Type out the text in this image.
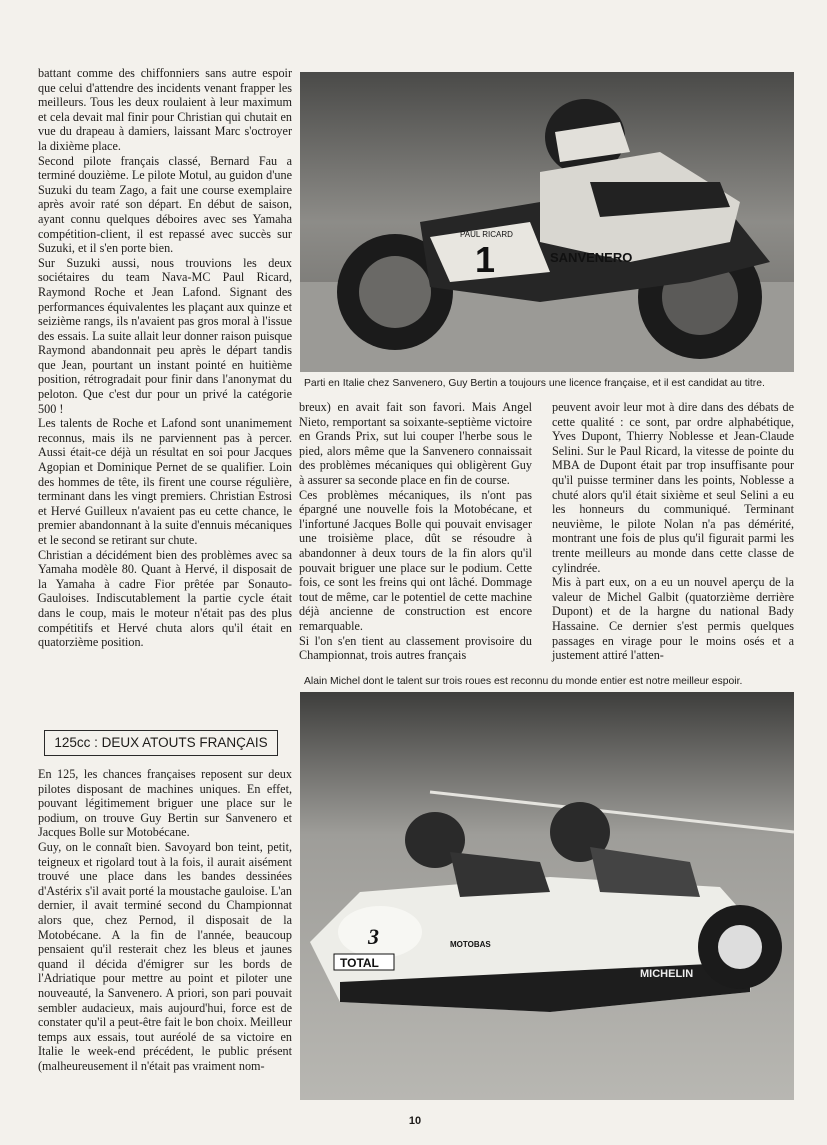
battant comme des chiffonniers sans autre espoir que celui d'attendre des incidents venant frapper les meilleurs. Tous les deux roulaient à leur maximum et cela devait mal finir pour Christian qui chutait en vue du drapeau à damiers, laissant Marc s'octroyer la dixième place.

Second pilote français classé, Bernard Fau a terminé douzième. Le pilote Motul, au guidon d'une Suzuki du team Zago, a fait une course exemplaire après avoir raté son départ. En début de saison, ayant connu quelques déboires avec ses Yamaha compétition-client, il est repassé avec succès sur Suzuki, et il s'en porte bien.

Sur Suzuki aussi, nous trouvions les deux sociétaires du team Nava-MC Paul Ricard, Raymond Roche et Jean Lafond. Signant des performances équivalentes les plaçant aux quinze et seizième rangs, ils n'avaient pas gros moral à l'issue des essais. La suite allait leur donner raison puisque Raymond abandonnait peu après le départ tandis que Jean, pourtant un instant pointé en huitième position, rétrogradait pour finir dans l'anonymat du peloton. Que c'est dur pour un privé la catégorie 500 !

Les talents de Roche et Lafond sont unanimement reconnus, mais ils ne parviennent pas à percer. Aussi était-ce déjà un résultat en soi pour Jacques Agopian et Dominique Pernet de se qualifier. Loin des hommes de tête, ils firent une course régulière, terminant dans les vingt premiers. Christian Estrosi et Hervé Guilleux n'avaient pas eu cette chance, le premier abandonnant à la suite d'ennuis mécaniques et le second se retirant sur chute.

Christian a décidément bien des problèmes avec sa Yamaha modèle 80. Quant à Hervé, il disposait de la Yamaha à cadre Fior prêtée par Sonauto-Gauloises. Indiscutablement la partie cycle était dans le coup, mais le moteur n'était pas des plus compétitifs et Hervé chuta alors qu'il était en quatorzième position.

1	SANVENERO
PAUL RICARD
Parti en Italie chez Sanvenero, Guy Bertin a toujours une licence française, et il est candidat au titre.

breux) en avait fait son favori. Mais Angel Nieto, remportant sa soixante-septième victoire en Grands Prix, sut lui couper l'herbe sous le pied, alors même que la Sanvenero connaissait des problèmes mécaniques qui obligèrent Guy à assurer sa seconde place en fin de course.

Ces problèmes mécaniques, ils n'ont pas épargné une nouvelle fois la Motobécane, et l'infortuné Jacques Bolle qui pouvait envisager une troisième place, dût se résoudre à abandonner à deux tours de la fin alors qu'il pouvait briguer une place sur le podium. Cette fois, ce sont les freins qui ont lâché. Dommage tout de même, car le potentiel de cette machine déjà ancienne de construction est encore remarquable.

Si l'on s'en tient au classement provisoire du Championnat, trois autres français

peuvent avoir leur mot à dire dans des débats de cette qualité : ce sont, par ordre alphabétique, Yves Dupont, Thierry Noblesse et Jean-Claude Selini. Sur le Paul Ricard, la vitesse de pointe du MBA de Dupont était par trop insuffisante pour qu'il puisse terminer dans les points, Noblesse a chuté alors qu'il était sixième et seul Selini a eu les honneurs du communiqué. Terminant neuvième, le pilote Nolan n'a pas démérité, montrant une fois de plus qu'il figurait parmi les trente meilleurs au monde dans cette classe de cylindrée.

Mis à part eux, on a eu un nouvel aperçu de la valeur de Michel Galbit (quatorzième derrière Dupont) et de la hargne du national Bady Hassaine. Ce dernier s'est permis quelques passages en virage pour le moins osés et a justement attiré l'atten-

Alain Michel dont le talent sur trois roues est reconnu du monde entier est notre meilleur espoir.
125cc : DEUX ATOUTS FRANÇAIS

En 125, les chances françaises reposent sur deux pilotes disposant de machines uniques. En effet, pouvant légitimement briguer une place sur le podium, on trouve Guy Bertin sur Sanvenero et Jacques Bolle sur Motobécane.

Guy, on le connaît bien. Savoyard bon teint, petit, teigneux et rigolard tout à la fois, il aurait aisément trouvé une place dans les bandes dessinées d'Astérix s'il avait porté la moustache gauloise. L'an dernier, il avait terminé second du Championnat alors que, chez Pernod, il disposait de la Motobécane. A la fin de l'année, beaucoup pensaient qu'il resterait chez les bleus et jaunes quand il décida d'émigrer sur les bords de l'Adriatique pour mettre au point et piloter une nouveauté, la Sanvenero. A priori, son pari pouvait sembler audacieux, mais aujourd'hui, force est de constater qu'il a peut-être fait le bon choix. Meilleur temps aux essais, tout auréolé de sa victoire en Italie le week-end précédent, le public présent (malheureusement il n'était pas vraiment nom-

3
TOTAL
MOTOBAS
MICHELIN
10
